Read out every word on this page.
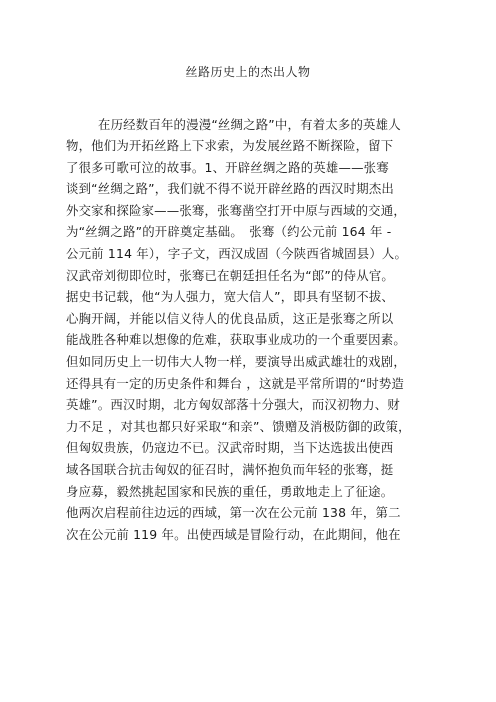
丝路历史上的杰出人物
在历经数百年的漫漫“丝绸之路”中，有着太多的英雄人
物，他们为开拓丝路上下求索，为发展丝路不断探险，留下
了很多可歌可泣的故事。1、开辟丝绸之路的英雄——张骞
谈到“丝绸之路”，我们就不得不说开辟丝路的西汉时期杰出
外交家和探险家——张骞，张骞凿空打开中原与西域的交通，
为“丝绸之路”的开辟奠定基础。　张骞（约公元前 164 年 -
公元前 114 年），字子文，西汉成固（今陕西省城固县）人。
汉武帝刘彻即位时，张骞已在朝廷担任名为“郎”的侍从官。
据史书记载，他“为人强力，宽大信人”，即具有坚韧不拔、
心胸开阔，并能以信义待人的优良品质，这正是张骞之所以
能战胜各种难以想像的危难，获取事业成功的一个重要因素。
但如同历史上一切伟大人物一样，要演导出威武雄壮的戏剧，
还得具有一定的历史条件和舞台 ，这就是平常所谓的“时势造
英雄”。西汉时期，北方匈奴部落十分强大，而汉初物力、财
力不足 ，对其也都只好采取“和亲”、馈赠及消极防御的政策，
但匈奴贵族，仍寇边不已。汉武帝时期，当下达选拔出使西
域各国联合抗击匈奴的征召时，满怀抱负而年轻的张骞，挺
身应募，毅然挑起国家和民族的重任，勇敢地走上了征途。
他两次启程前往边远的西域，第一次在公元前 138 年，第二
次在公元前 119 年。出使西域是冒险行动，在此期间，他在
